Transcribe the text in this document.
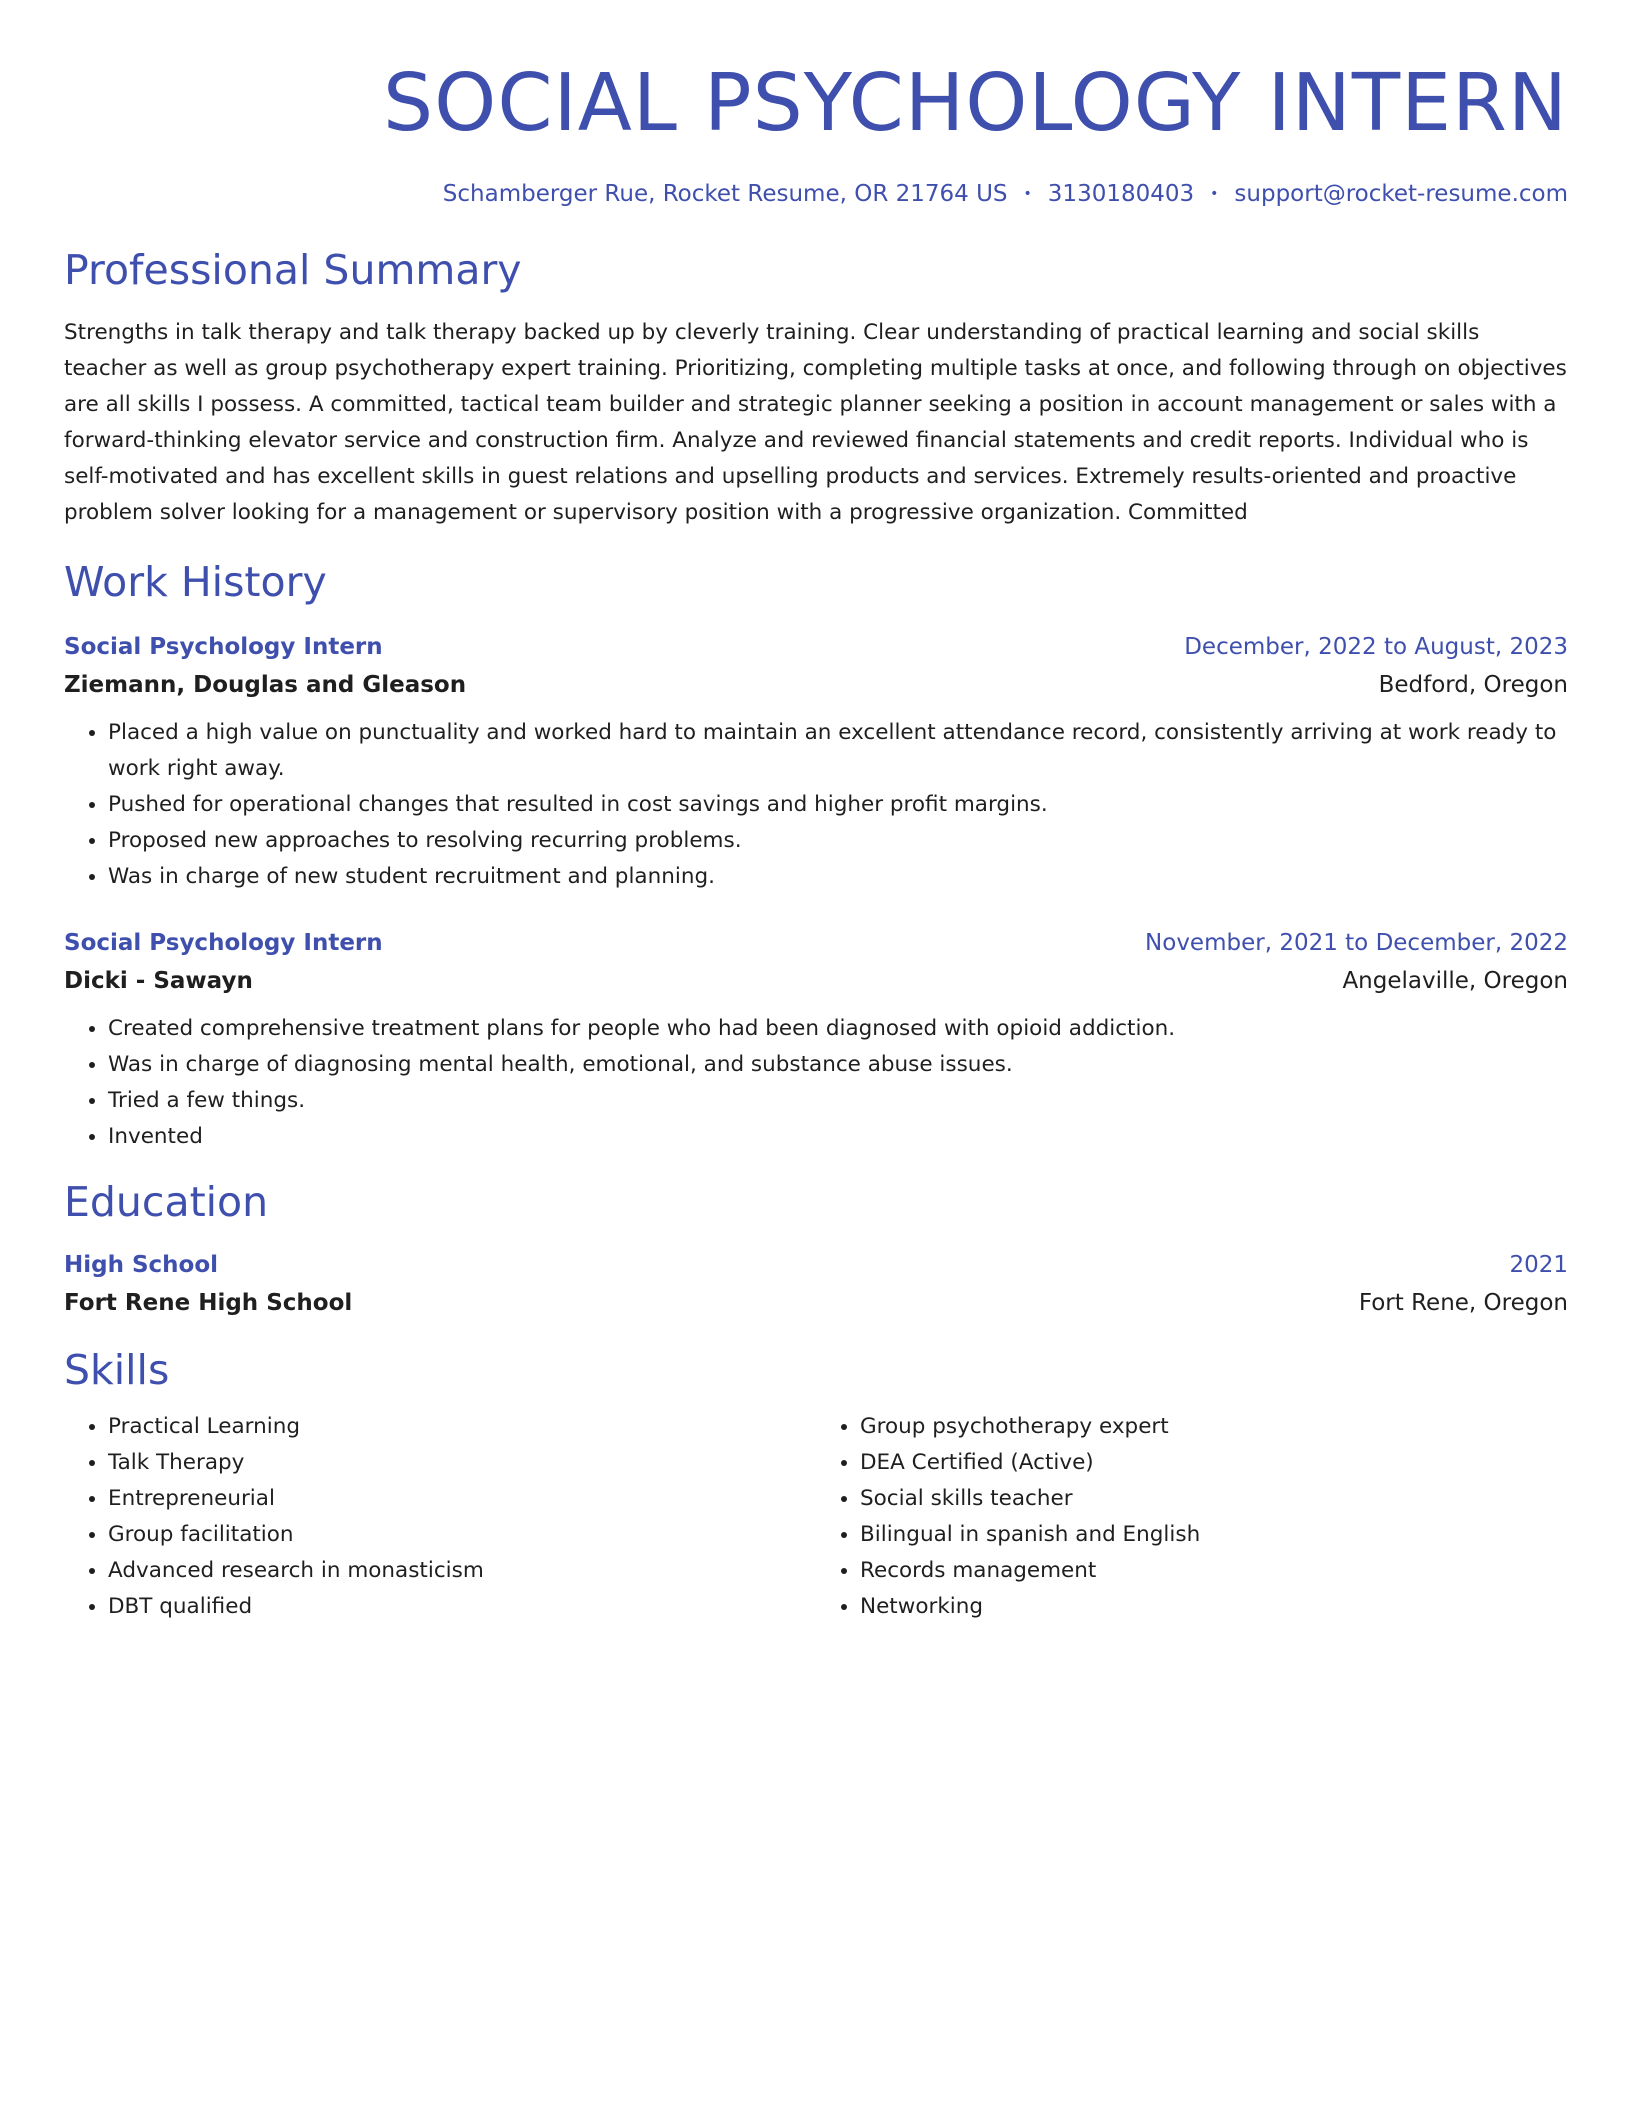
SOCIAL PSYCHOLOGY INTERN
Schamberger Rue, Rocket Resume, OR 21764 US • 3130180403 • support@rocket-resume.com
Professional Summary
Strengths in talk therapy and talk therapy backed up by cleverly training. Clear understanding of practical learning and social skills teacher as well as group psychotherapy expert training. Prioritizing, completing multiple tasks at once, and following through on objectives are all skills I possess. A committed, tactical team builder and strategic planner seeking a position in account management or sales with a forward-thinking elevator service and construction firm. Analyze and reviewed financial statements and credit reports. Individual who is self-motivated and has excellent skills in guest relations and upselling products and services. Extremely results-oriented and proactive problem solver looking for a management or supervisory position with a progressive organization. Committed
Work History
Social Psychology Intern	December, 2022 to August, 2023
Ziemann, Douglas and Gleason	Bedford, Oregon
• Placed a high value on punctuality and worked hard to maintain an excellent attendance record, consistently arriving at work ready to work right away.
• Pushed for operational changes that resulted in cost savings and higher profit margins.
• Proposed new approaches to resolving recurring problems.
• Was in charge of new student recruitment and planning.
Social Psychology Intern	November, 2021 to December, 2022
Dicki - Sawayn	Angelaville, Oregon
• Created comprehensive treatment plans for people who had been diagnosed with opioid addiction.
• Was in charge of diagnosing mental health, emotional, and substance abuse issues.
• Tried a few things.
• Invented
Education
High School	2021
Fort Rene High School	Fort Rene, Oregon
Skills
• Practical Learning
• Talk Therapy
• Entrepreneurial
• Group facilitation
• Advanced research in monasticism
• DBT qualified
• Group psychotherapy expert
• DEA Certified (Active)
• Social skills teacher
• Bilingual in spanish and English
• Records management
• Networking
